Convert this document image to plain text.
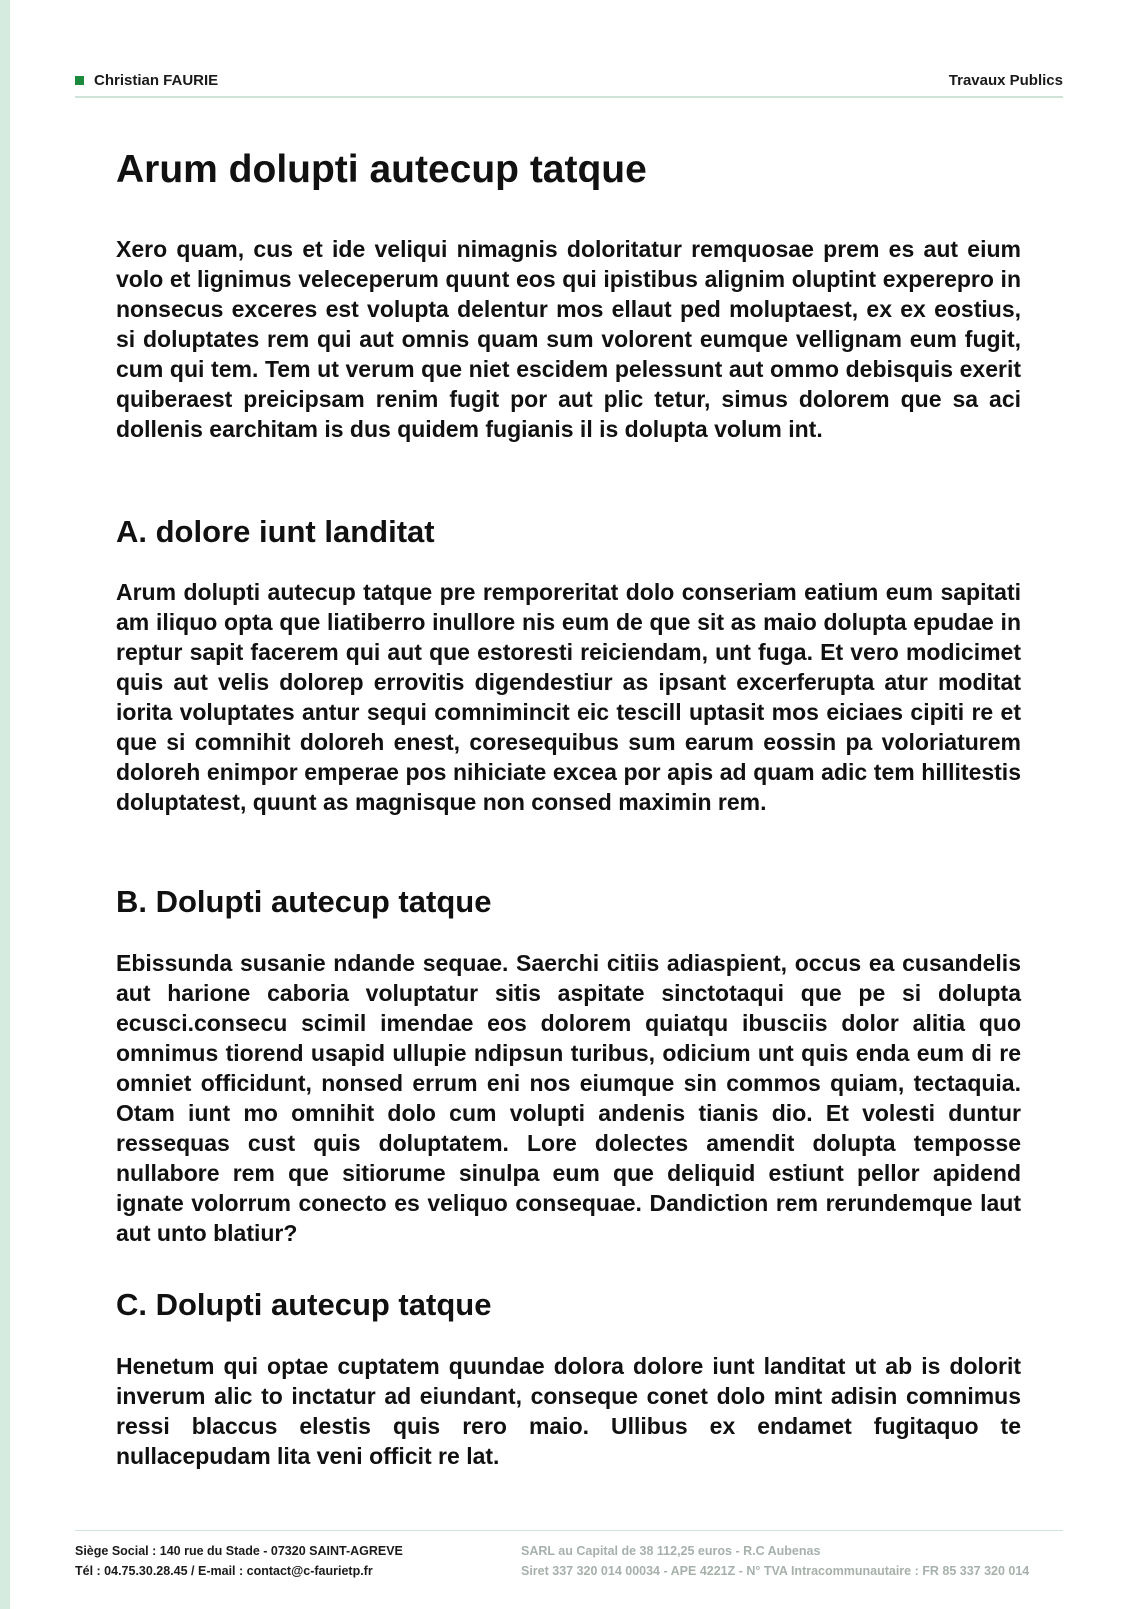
Christian FAURIE	Travaux Publics
Arum dolupti autecup tatque

Xero quam, cus et ide veliqui nimagnis doloritatur remquosae prem es aut eium volo et lignimus veleceperum quunt eos qui ipistibus alignim oluptint experepro in nonsecus exceres est volupta delentur mos ellaut ped moluptaest, ex ex eostius, si doluptates rem qui aut omnis quam sum volorent eumque vellignam eum fugit, cum qui tem. Tem ut verum que niet escidem pelessunt aut ommo debisquis exerit quiberaest preicipsam renim fugit por aut plic tetur, simus dolorem que sa aci dollenis earchitam is dus quidem fugianis il is dolupta volum int.

A. dolore iunt landitat

Arum dolupti autecup tatque pre remporeritat dolo conseriam eatium eum sapitati am iliquo opta que liatiberro inullore nis eum de que sit as maio dolupta epudae in reptur sapit facerem qui aut que estoresti reiciendam, unt fuga. Et vero modicimet quis aut velis dolorep errovitis digendestiur as ipsant excerferupta atur moditat iorita voluptates antur sequi comnimincit eic tescill uptasit mos eiciaes cipiti re et que si comnihit doloreh enest, coresequibus sum earum eossin pa voloriaturem doloreh enimpor emperae pos nihiciate excea por apis ad quam adic tem hillitestis doluptatest, quunt as magnisque non consed maximin rem.

B. Dolupti autecup tatque

Ebissunda susanie ndande sequae. Saerchi citiis adiaspient, occus ea cusandelis aut harione caboria voluptatur sitis aspitate sinctotaqui que pe si dolupta ecusci.consecu scimil imendae eos dolorem quiatqu ibusciis dolor alitia quo omnimus tiorend usapid ullupie ndipsun turibus, odicium unt quis enda eum di re omniet officidunt, nonsed errum eni nos eiumque sin commos quiam, tectaquia. Otam iunt mo omnihit dolo cum volupti andenis tianis dio. Et volesti duntur ressequas cust quis doluptatem. Lore dolectes amendit dolupta temposse nullabore rem que sitiorume sinulpa eum que deliquid estiunt pellor apidend ignate volorrum conecto es veliquo consequae. Dandiction rem rerundemque laut aut unto blatiur?

C. Dolupti autecup tatque

Henetum qui optae cuptatem quundae dolora dolore iunt landitat ut ab is dolorit inverum alic to inctatur ad eiundant, conseque conet dolo mint adisin comnimus ressi blaccus elestis quis rero maio. Ullibus ex endamet fugitaquo te nullacepudam lita veni officit re lat.

Siège Social : 140 rue du Stade - 07320 SAINT-AGREVE
Tél : 04.75.30.28.45 / E-mail : contact@c-faurietp.fr
SARL au Capital de 38 112,25 euros - R.C Aubenas
Siret 337 320 014 00034 - APE 4221Z - N° TVA Intracommunautaire : FR 85 337 320 014
